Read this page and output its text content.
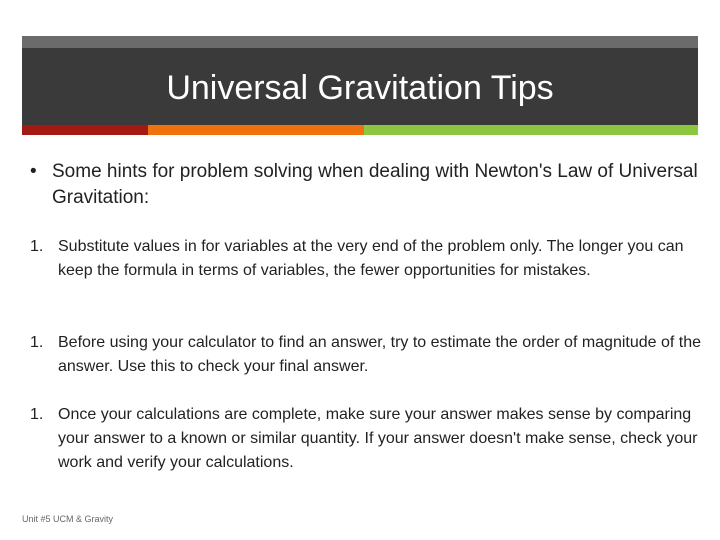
Universal Gravitation Tips
• Some hints for problem solving when dealing with Newton's Law of Universal Gravitation:
1. Substitute values in for variables at the very end of the problem only. The longer you can keep the formula in terms of variables, the fewer opportunities for mistakes.
1. Before using your calculator to find an answer, try to estimate the order of magnitude of the answer. Use this to check your final answer.
1. Once your calculations are complete, make sure your answer makes sense by comparing your answer to a known or similar quantity. If your answer doesn't make sense, check your work and verify your calculations.
Unit #5 UCM & Gravity
